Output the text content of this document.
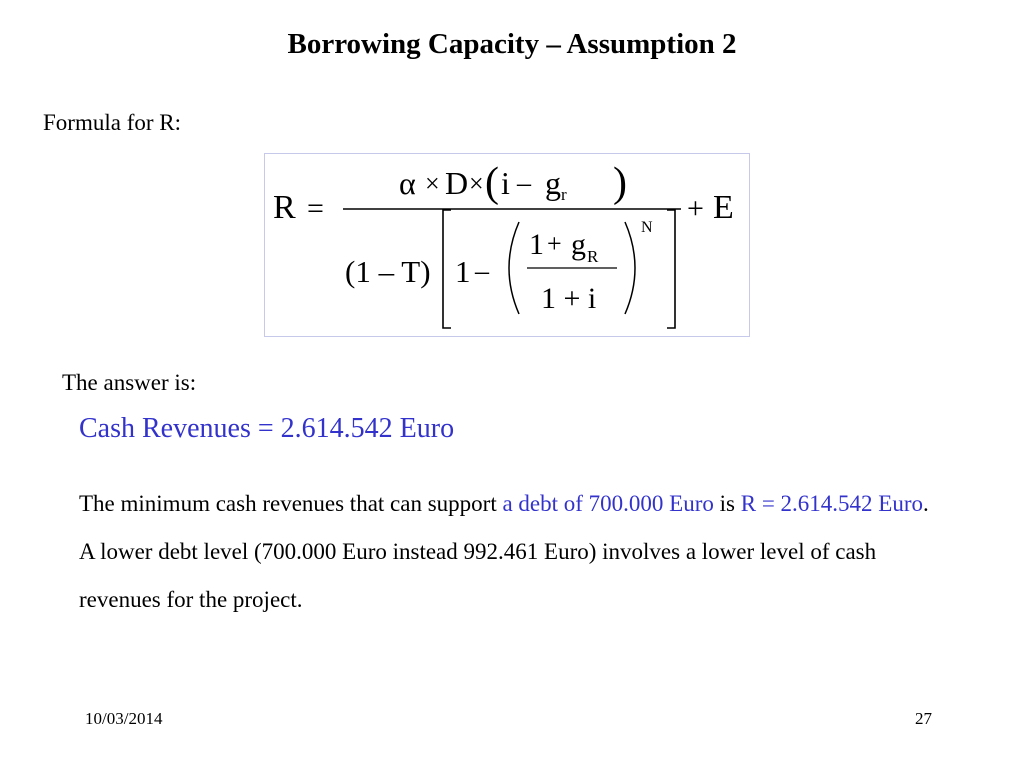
Borrowing Capacity – Assumption 2
Formula for R:
R =
α × D × ( i – g r )
+ E
(1 – T) 1 –
1 + g R
1 + i
N
The answer is:
Cash Revenues = 2.614.542 Euro
The minimum cash revenues that can support a debt of 700.000 Euro is R = 2.614.542 Euro. A lower debt level (700.000 Euro instead 992.461 Euro) involves a lower level of cash revenues for the project.
10/03/2014	27
